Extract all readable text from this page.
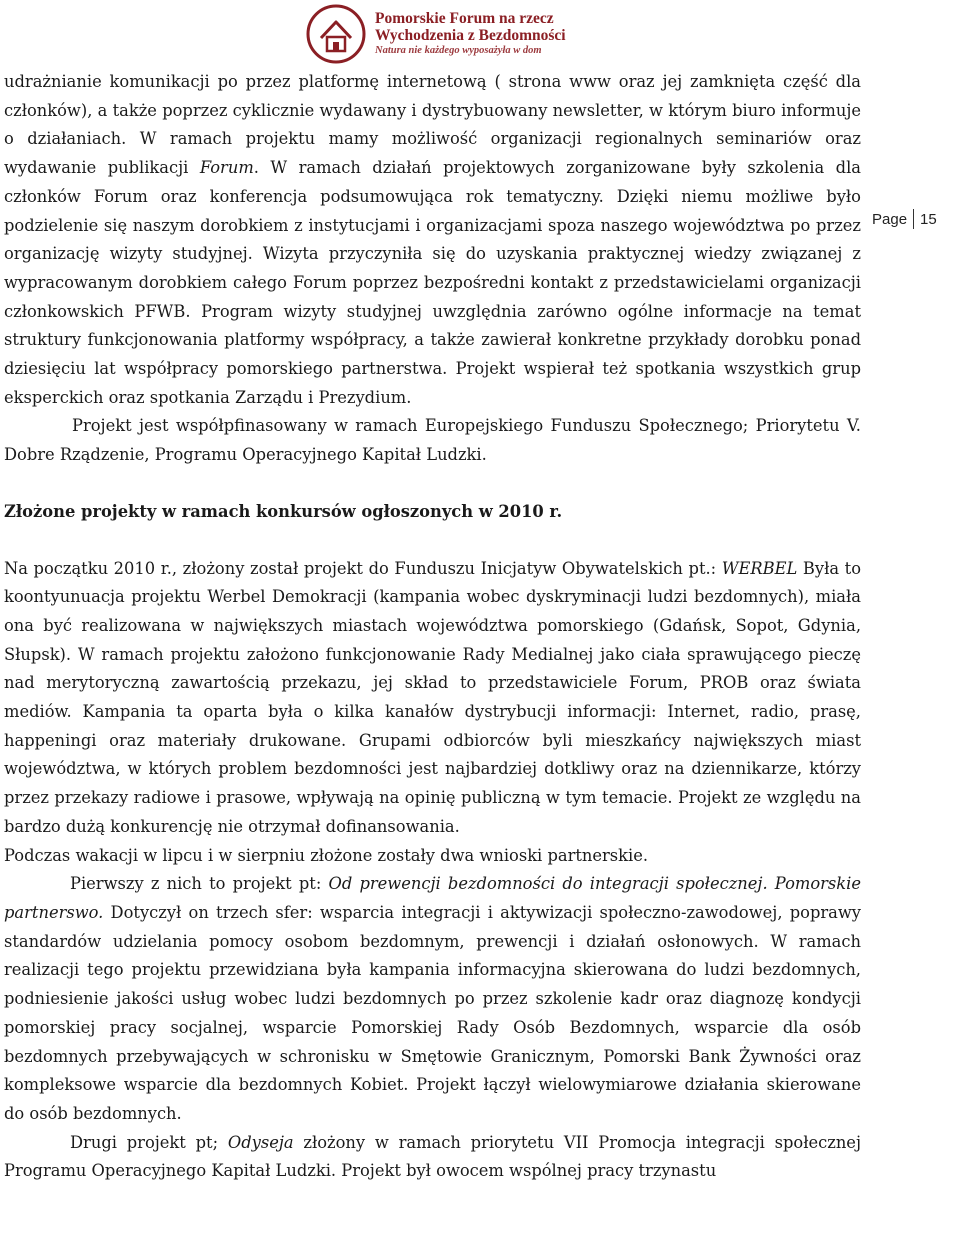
Pomorskie Forum na rzecz
Wychodzenia z Bezdomności
Natura nie każdego wyposażyła w dom
Page 15

udrażnianie komunikacji po przez platformę internetową ( strona www oraz jej zamknięta część dla członków), a także poprzez cyklicznie wydawany i dystrybuowany newsletter, w którym biuro informuje o działaniach. W ramach projektu mamy możliwość organizacji regionalnych seminariów oraz wydawanie publikacji Forum. W ramach działań projektowych zorganizowane były szkolenia dla członków Forum oraz konferencja podsumowująca rok tematyczny. Dzięki niemu możliwe było podzielenie się naszym dorobkiem z instytucjami i organizacjami spoza naszego województwa po przez organizację wizyty studyjnej. Wizyta przyczyniła się do uzyskania praktycznej wiedzy związanej z wypracowanym dorobkiem całego Forum poprzez bezpośredni kontakt z przedstawicielami organizacji członkowskich PFWB. Program wizyty studyjnej uwzględnia zarówno ogólne informacje na temat struktury funkcjonowania platformy współpracy, a także zawierał konkretne przykłady dorobku ponad dziesięciu lat współpracy pomorskiego partnerstwa. Projekt wspierał też spotkania wszystkich grup eksperckich oraz spotkania Zarządu i Prezydium.

Projekt jest współpfinasowany w ramach Europejskiego Funduszu Społecznego; Priorytetu V. Dobre Rządzenie, Programu Operacyjnego Kapitał Ludzki.

Złożone projekty w ramach konkursów ogłoszonych w 2010 r.

Na początku 2010 r., złożony został projekt do Funduszu Inicjatyw Obywatelskich pt.: WERBEL Była to koontyunuacja projektu Werbel Demokracji (kampania wobec dyskryminacji ludzi bezdomnych), miała ona być realizowana w największych miastach województwa pomorskiego (Gdańsk, Sopot, Gdynia, Słupsk). W ramach projektu założono funkcjonowanie Rady Medialnej jako ciała sprawującego pieczę nad merytoryczną zawartością przekazu, jej skład to przedstawiciele Forum, PROB oraz świata mediów. Kampania ta oparta była o kilka kanałów dystrybucji informacji: Internet, radio, prasę, happeningi oraz materiały drukowane. Grupami odbiorców byli mieszkańcy największych miast województwa, w których problem bezdomności jest najbardziej dotkliwy oraz na dziennikarze, którzy przez przekazy radiowe i prasowe, wpływają na opinię publiczną w tym temacie. Projekt ze względu na bardzo dużą konkurencję nie otrzymał dofinansowania.

Podczas wakacji w lipcu i w sierpniu złożone zostały dwa wnioski partnerskie.

Pierwszy z nich to projekt pt: Od prewencji bezdomności do integracji społecznej. Pomorskie partnerswo. Dotyczył on trzech sfer: wsparcia integracji i aktywizacji społeczno-zawodowej, poprawy standardów udzielania pomocy osobom bezdomnym, prewencji i działań osłonowych. W ramach realizacji tego projektu przewidziana była kampania informacyjna skierowana do ludzi bezdomnych, podniesienie jakości usług wobec ludzi bezdomnych po przez szkolenie kadr oraz diagnozę kondycji pomorskiej pracy socjalnej, wsparcie Pomorskiej Rady Osób Bezdomnych, wsparcie dla osób bezdomnych przebywających w schronisku w Smętowie Granicznym, Pomorski Bank Żywności oraz kompleksowe wsparcie dla bezdomnych Kobiet. Projekt łączył wielowymiarowe działania skierowane do osób bezdomnych.

Drugi projekt pt; Odyseja złożony w ramach priorytetu VII Promocja integracji społecznej Programu Operacyjnego Kapitał Ludzki. Projekt był owocem wspólnej pracy trzynastu
